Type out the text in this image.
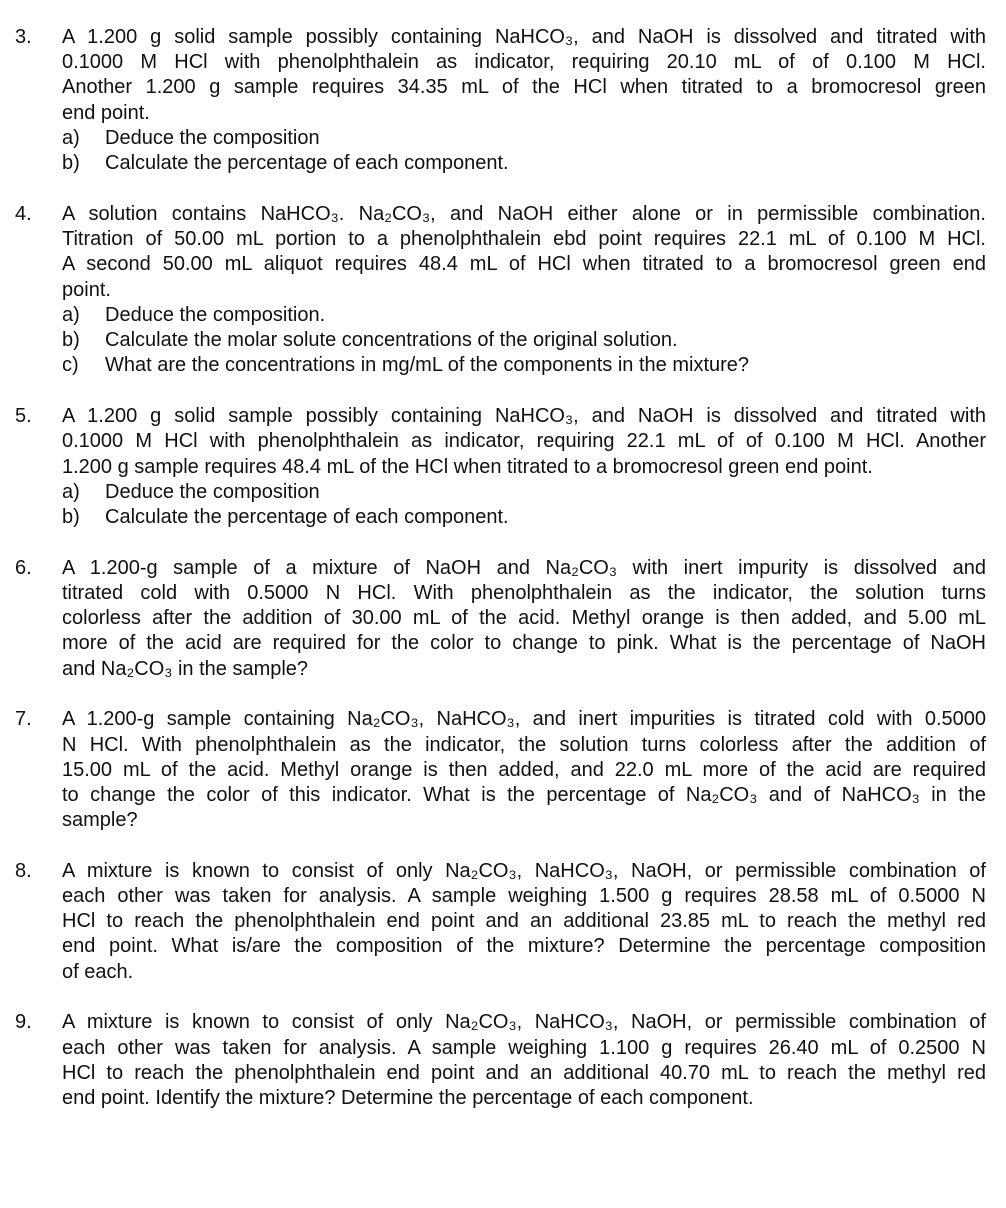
3.	A 1.200 g solid sample possibly containing NaHCO₃, and NaOH is dissolved and titrated with
0.1000 M HCl with phenolphthalein as indicator, requiring 20.10 mL of of 0.100 M HCl.
Another 1.200 g sample requires 34.35 mL of the HCl when titrated to a bromocresol green
end point.
a)	Deduce the composition
b)	Calculate the percentage of each component.
4.	A solution contains NaHCO₃. Na₂CO₃, and NaOH either alone or in permissible combination.
Titration of 50.00 mL portion to a phenolphthalein ebd point requires 22.1 mL of 0.100 M HCl.
A second 50.00 mL aliquot requires 48.4 mL of HCl when titrated to a bromocresol green end
point.
a)	Deduce the composition.
b)	Calculate the molar solute concentrations of the original solution.
c)	What are the concentrations in mg/mL of the components in the mixture?
5.	A 1.200 g solid sample possibly containing NaHCO₃, and NaOH is dissolved and titrated with
0.1000 M HCl with phenolphthalein as indicator, requiring 22.1 mL of of 0.100 M HCl. Another
1.200 g sample requires 48.4 mL of the HCl when titrated to a bromocresol green end point.
a)	Deduce the composition
b)	Calculate the percentage of each component.
6.	A 1.200-g sample of a mixture of NaOH and Na₂CO₃ with inert impurity is dissolved and
titrated cold with 0.5000 N HCl. With phenolphthalein as the indicator, the solution turns
colorless after the addition of 30.00 mL of the acid. Methyl orange is then added, and 5.00 mL
more of the acid are required for the color to change to pink. What is the percentage of NaOH
and Na₂CO₃ in the sample?
7.	A 1.200-g sample containing Na₂CO₃, NaHCO₃, and inert impurities is titrated cold with 0.5000
N HCl. With phenolphthalein as the indicator, the solution turns colorless after the addition of
15.00 mL of the acid. Methyl orange is then added, and 22.0 mL more of the acid are required
to change the color of this indicator. What is the percentage of Na₂CO₃ and of NaHCO₃ in the
sample?
8.	A mixture is known to consist of only Na₂CO₃, NaHCO₃, NaOH, or permissible combination of
each other was taken for analysis. A sample weighing 1.500 g requires 28.58 mL of 0.5000 N
HCl to reach the phenolphthalein end point and an additional 23.85 mL to reach the methyl red
end point. What is/are the composition of the mixture? Determine the percentage composition
of each.
9.	A mixture is known to consist of only Na₂CO₃, NaHCO₃, NaOH, or permissible combination of
each other was taken for analysis. A sample weighing 1.100 g requires 26.40 mL of 0.2500 N
HCl to reach the phenolphthalein end point and an additional 40.70 mL to reach the methyl red
end point. Identify the mixture? Determine the percentage of each component.
